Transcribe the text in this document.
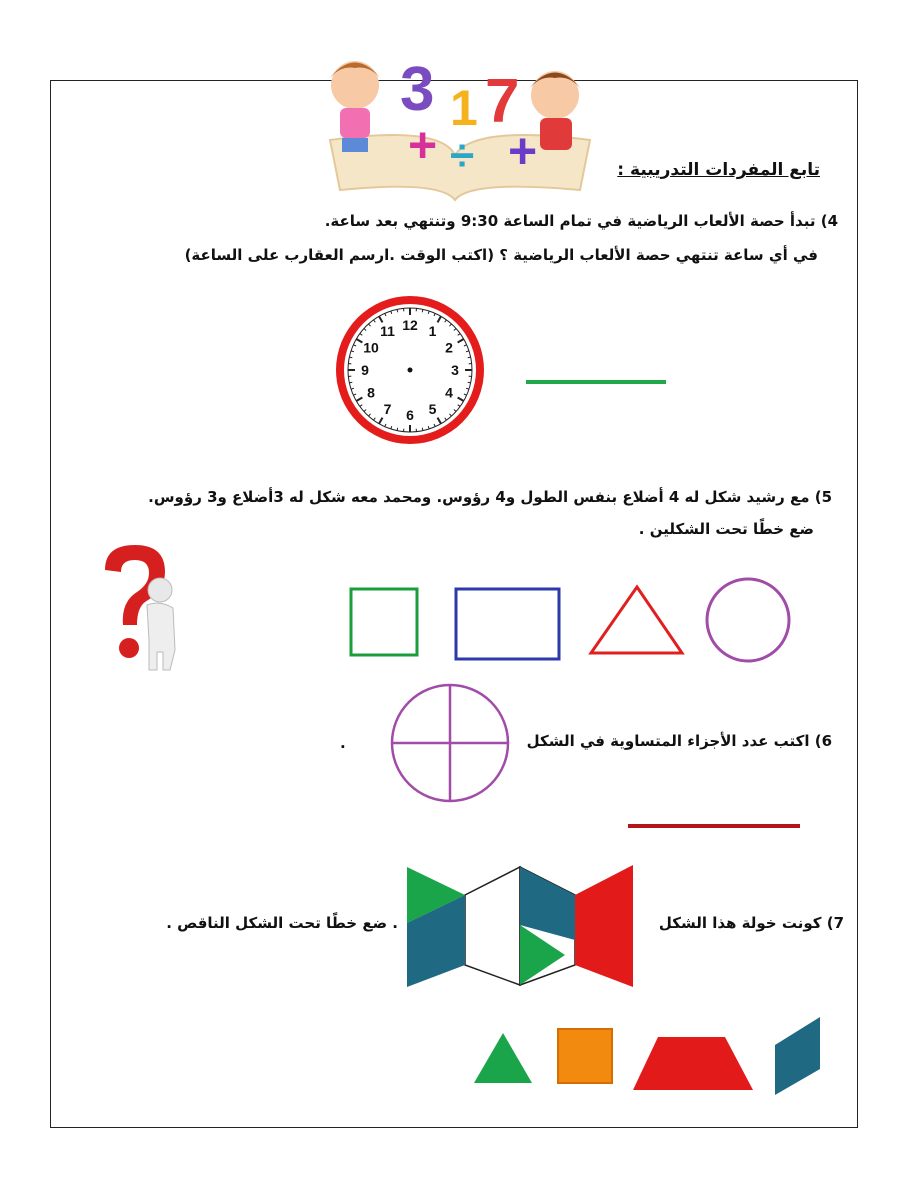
3 1 7
+ ÷ +	تابع المفردات التدريبية :
4) تبدأ حصة الألعاب الرياضية في تمام الساعة 9:30 وتنتهي بعد ساعة.
في أي ساعة تنتهي حصة الألعاب الرياضية ؟ (اكتب الوقت .ارسم العقارب على الساعة)
12 1
2
3
4
5
6
7
8
9
10
11
5) مع رشيد شكل له 4 أضلاع بنفس الطول و4 رؤوس. ومحمد معه شكل له 3أضلاع و3 رؤوس.
ضع خطًا تحت الشكلين .
6) اكتب عدد الأجزاء المتساوية في الشكل
.
7) كونت خولة هذا الشكل
. ضع خطًا تحت الشكل الناقص .
